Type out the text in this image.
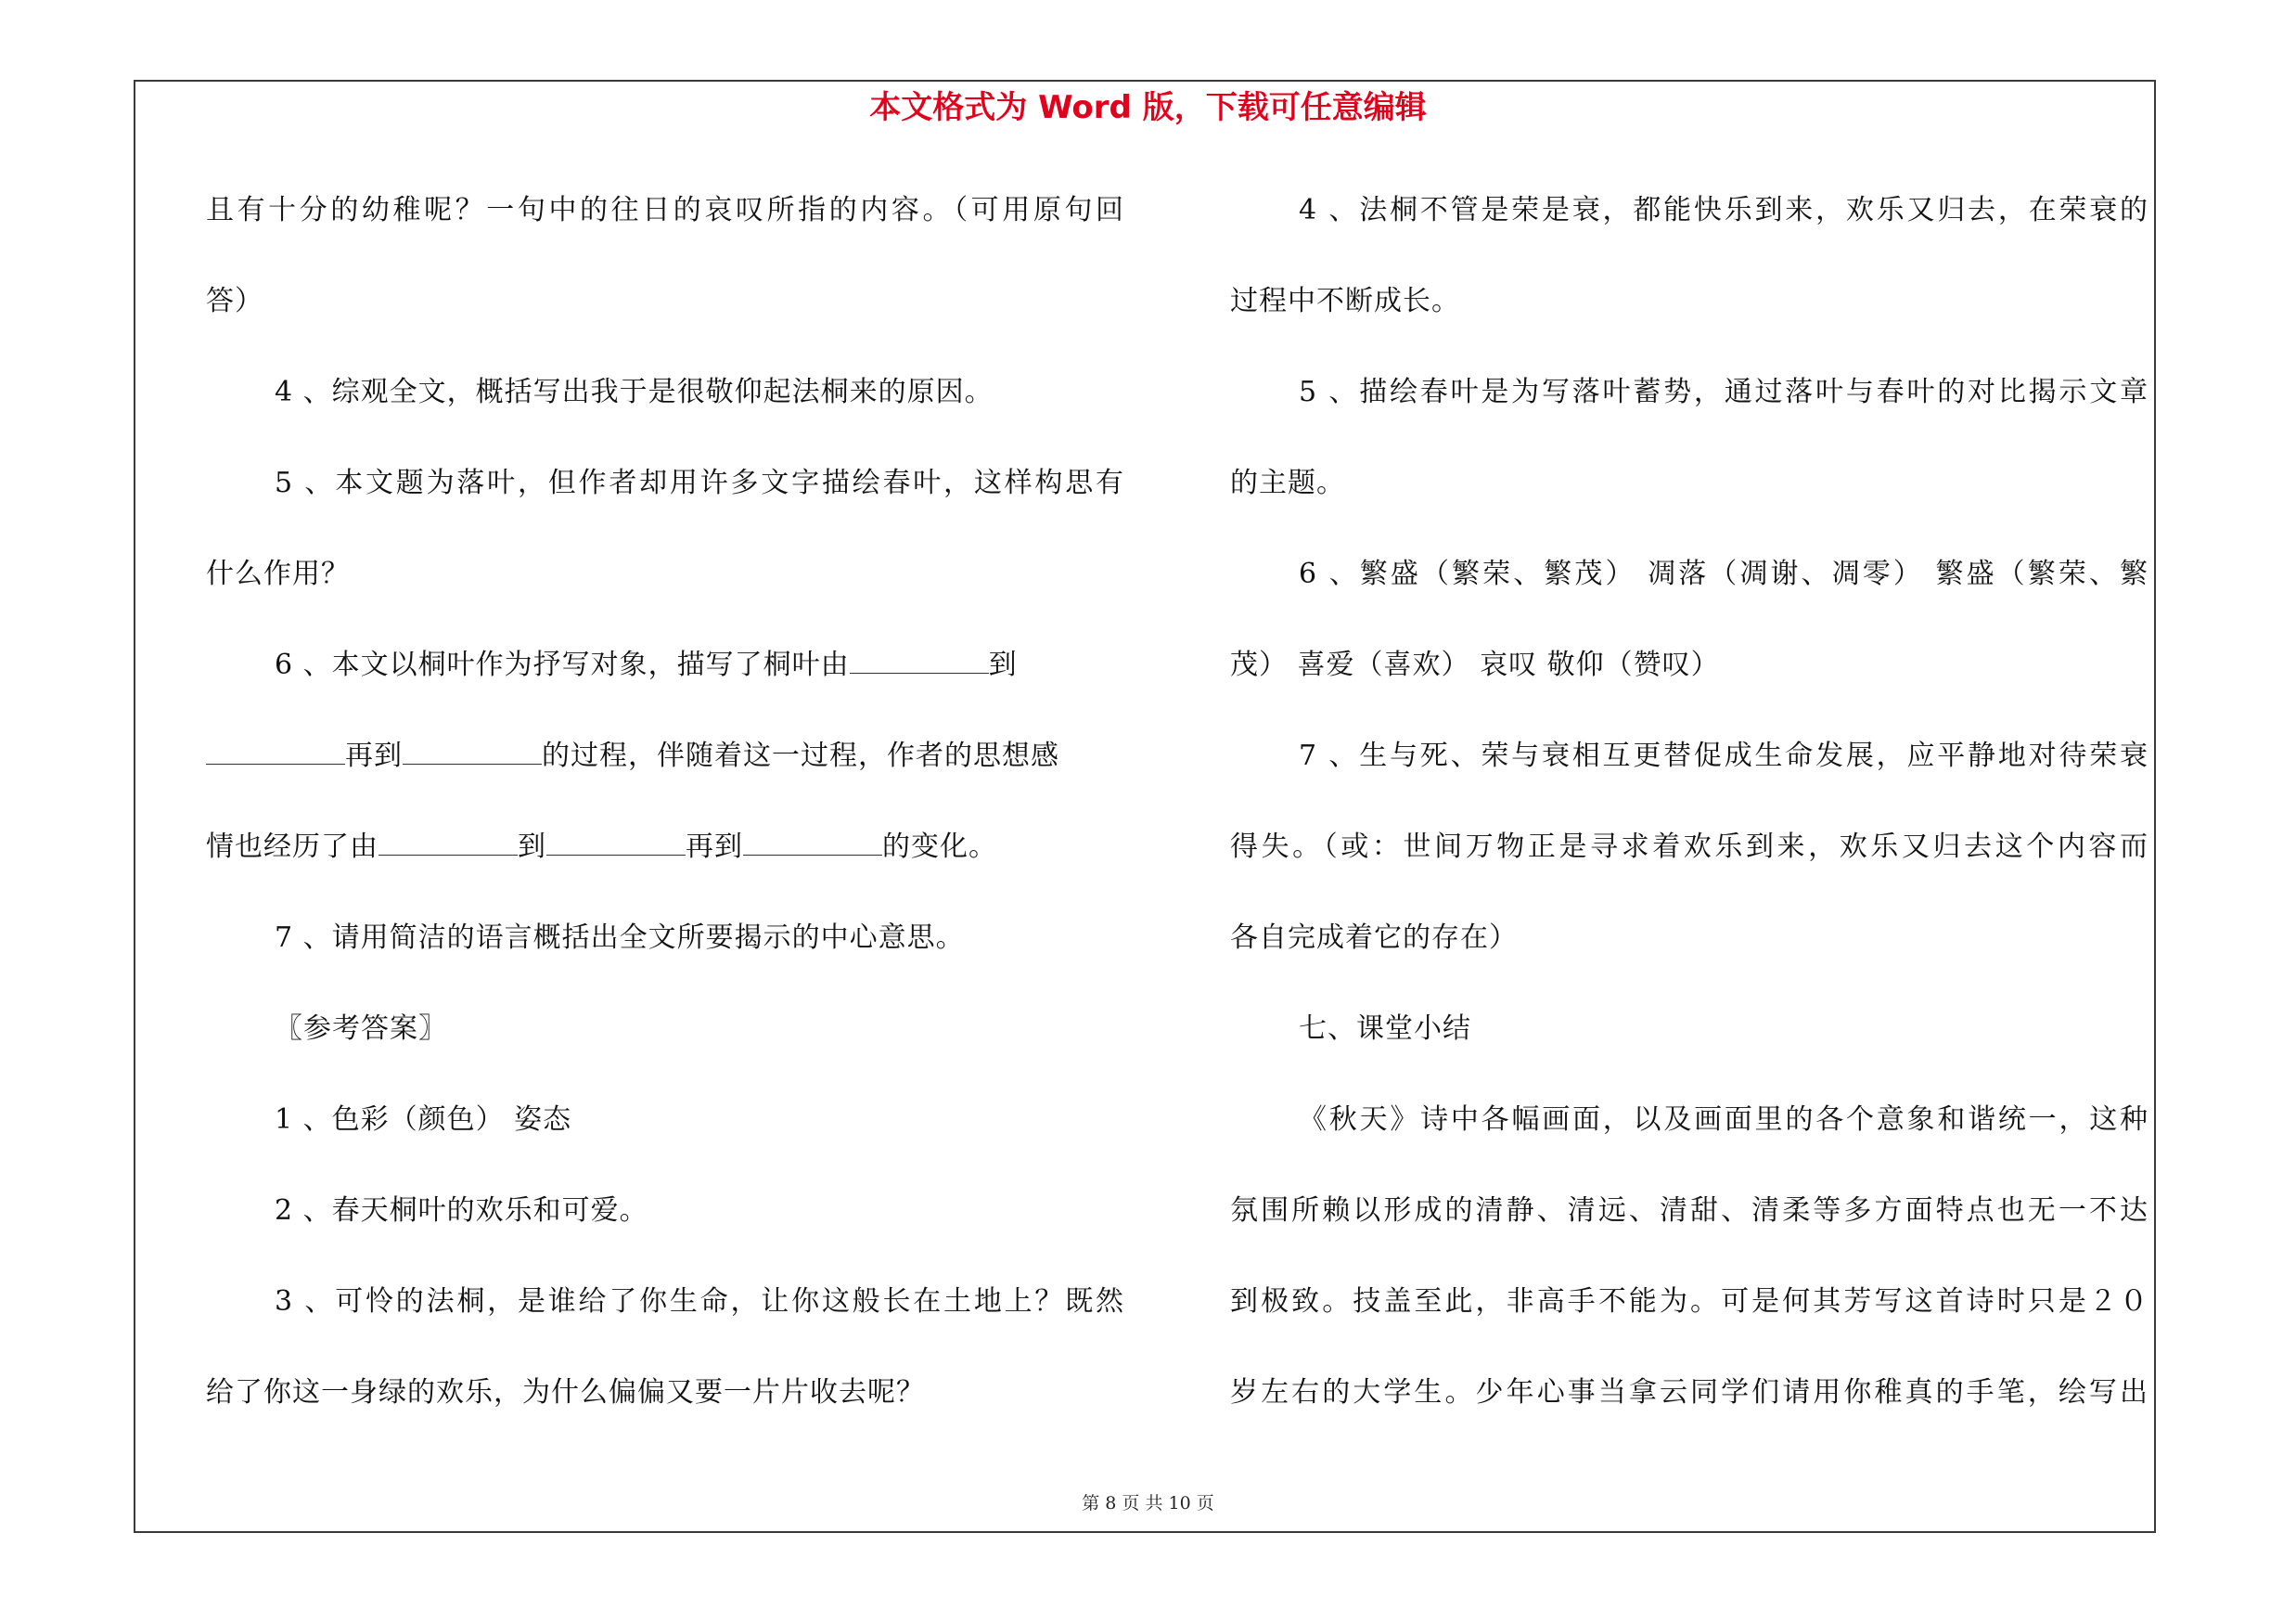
本文格式为 Word 版，下载可任意编辑
且有十分的幼稚呢？一句中的往日的哀叹所指的内容。（可用原句回
答）
4 、综观全文，概括写出我于是很敬仰起法桐来的原因。
5 、本文题为落叶，但作者却用许多文字描绘春叶，这样构思有
什么作用？
6 、本文以桐叶作为抒写对象，描写了桐叶由	到
再到	的过程，伴随着这一过程，作者的思想感
情也经历了由	到	再到	的变化。
7 、请用简洁的语言概括出全文所要揭示的中心意思。
〖参考答案〗
1 、色彩（颜色） 姿态
2 、春天桐叶的欢乐和可爱。
3 、可怜的法桐，是谁给了你生命，让你这般长在土地上？既然
给了你这一身绿的欢乐，为什么偏偏又要一片片收去呢？
4 、法桐不管是荣是衰，都能快乐到来，欢乐又归去，在荣衰的
过程中不断成长。
5 、描绘春叶是为写落叶蓄势，通过落叶与春叶的对比揭示文章
的主题。
6 、繁盛（繁荣、繁茂） 凋落（凋谢、凋零） 繁盛（繁荣、繁
茂） 喜爱（喜欢） 哀叹 敬仰（赞叹）
7 、生与死、荣与衰相互更替促成生命发展，应平静地对待荣衰
得失。（或：世间万物正是寻求着欢乐到来，欢乐又归去这个内容而
各自完成着它的存在）
七、课堂小结
《秋天》诗中各幅画面，以及画面里的各个意象和谐统一，这种
氛围所赖以形成的清静、清远、清甜、清柔等多方面特点也无一不达
到极致。技盖至此，非高手不能为。可是何其芳写这首诗时只是２０
岁左右的大学生。少年心事当拿云同学们请用你稚真的手笔，绘写出

第 8 页 共 10 页
